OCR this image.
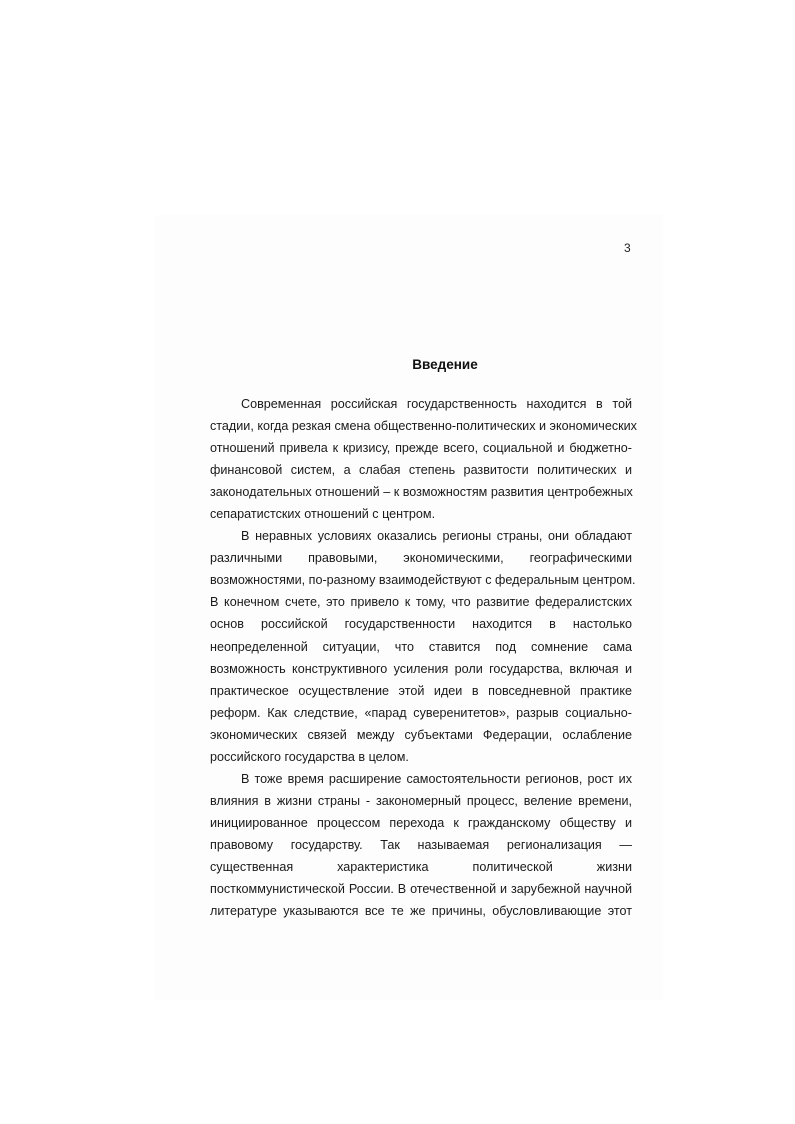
3
Введение
Современная российская государственность находится в той
стадии, когда резкая смена общественно-политических и экономических
отношений привела к кризису, прежде всего, социальной и бюджетно-
финансовой систем, а слабая степень развитости политических и
законодательных отношений – к возможностям развития центробежных
сепаратистских отношений с центром.
В неравных условиях оказались регионы страны, они обладают
различными правовыми, экономическими, географическими
возможностями, по-разному взаимодействуют с федеральным центром.
В конечном счете, это привело к тому, что развитие федералистских
основ российской государственности находится в настолько
неопределенной ситуации, что ставится под сомнение сама
возможность конструктивного усиления роли государства, включая и
практическое осуществление этой идеи в повседневной практике
реформ. Как следствие, «парад суверенитетов», разрыв социально-
экономических связей между субъектами Федерации, ослабление
российского государства в целом.
В тоже время расширение самостоятельности регионов, рост их
влияния в жизни страны - закономерный процесс, веление времени,
инициированное процессом перехода к гражданскому обществу и
правовому государству. Так называемая регионализация —
существенная характеристика политической жизни
посткоммунистической России. В отечественной и зарубежной научной
литературе указываются все те же причины, обусловливающие этот
